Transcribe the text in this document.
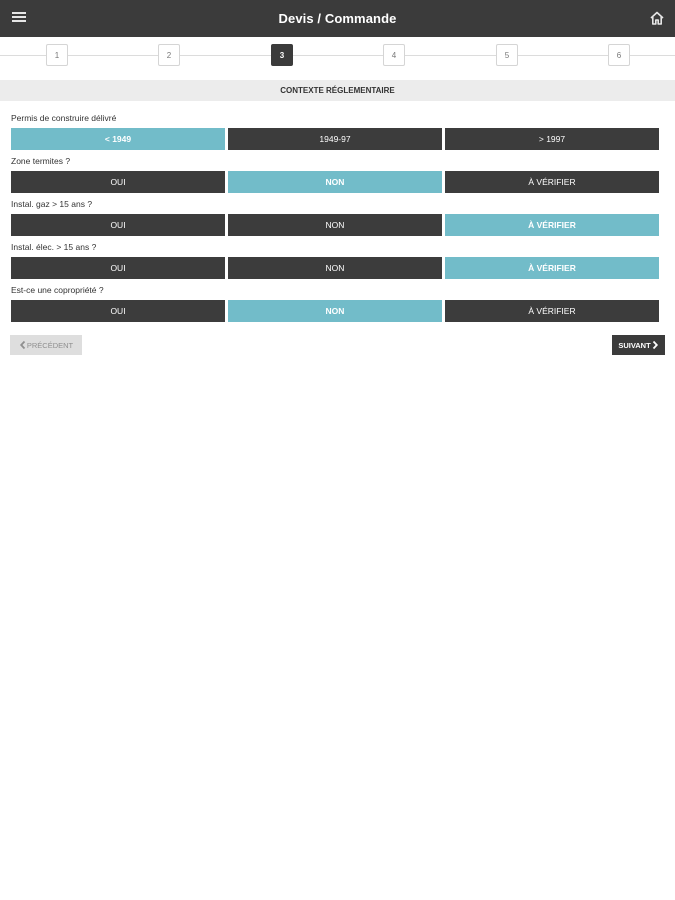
Devis / Commande
1	2	3	4	5	6
CONTEXTE RÉGLEMENTAIRE
Permis de construire délivré
< 1949	1949-97	> 1997
Zone termites ?
OUI	NON	À VÉRIFIER
Instal. gaz > 15 ans ?
OUI	NON	À VÉRIFIER
Instal. élec. > 15 ans ?
OUI	NON	À VÉRIFIER
Est-ce une copropriété ?
OUI	NON	À VÉRIFIER
PRÉCÉDENT	SUIVANT
